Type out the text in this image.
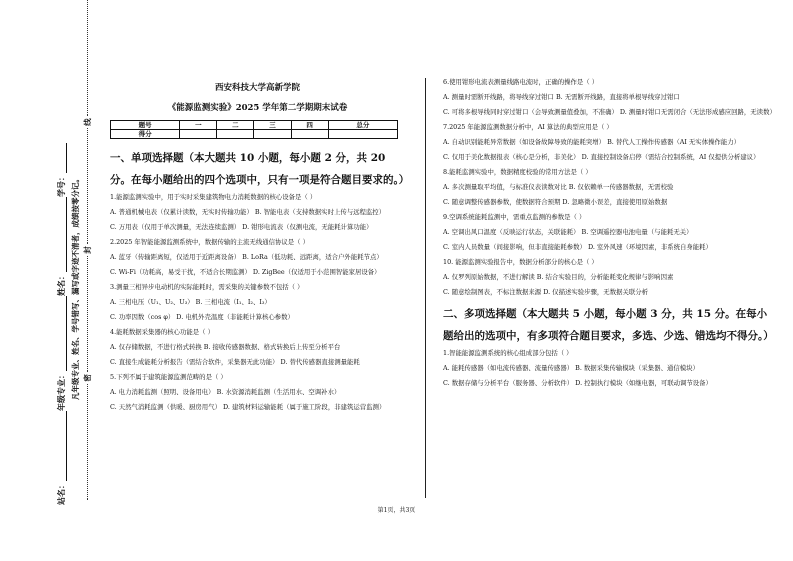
站名：
年级专业：
姓名：
学号： 凡年级专业、姓名、学号错写、漏写或字迹不清者，成绩按零分记。 密
封
线
西安科技大学高新学院
《能源监测实验》2025 学年第二学期期末试卷
题号	一	二	三	四	总分
得分					
一、单项选择题（本大题共 10 小题，每小题 2 分，共 20 分。在每小题给出的四个选项中，只有一项是符合题目要求的。）

1.能源监测实验中，用于实时采集建筑物电力消耗数据的核心设备是（ ）

A. 普通机械电表（仅累计读数，无实时传输功能） B. 智能电表（支持数据实时上传与远程监控）

C. 万用表（仅用于单次测量，无法连续监测） D. 钳形电流表（仅测电流，无能耗计算功能）

2.2025 年智能能源监测系统中，数据传输的主流无线通信协议是（ ）

A. 蓝牙（传输距离短，仅适用于近距离设备） B. LoRa（低功耗、远距离，适合户外能耗节点）

C. Wi-Fi（功耗高，易受干扰，不适合长期监测） D. ZigBee（仅适用于小范围智能家居设备）

3.测量三相异步电动机的实际能耗时，需采集的关键参数不包括（ ）

A. 三相电压（U₁、U₂、U₃） B. 三相电流（I₁、I₂、I₃）

C. 功率因数（cos φ） D. 电机外壳温度（非能耗计算核心参数）

4.能耗数据采集器的核心功能是（ ）

A. 仅存储数据，不进行格式转换 B. 接收传感器数据、格式转换后上传至分析平台

C. 直接生成能耗分析报告（需结合软件，采集器无此功能） D. 替代传感器直接测量能耗

5.下列不属于建筑能源监测范畴的是（ ）

A. 电力消耗监测（照明、设备用电） B. 水资源消耗监测（生活用水、空调补水）

C. 天然气消耗监测（供暖、厨房用气） D. 建筑材料运输能耗（属于施工阶段，非建筑运营监测）

6.使用钳形电流表测量线路电流时，正确的操作是（ ）

A. 测量时需断开线路，将导线穿过钳口 B. 无需断开线路，直接将单根导线穿过钳口

C. 可将多根导线同时穿过钳口（会导致测量值叠加，不准确） D. 测量时钳口无需闭合（无法形成感应回路，无读数）

7.2025 年能源监测数据分析中，AI 算法的典型应用是（ ）

A. 自动识别能耗异常数据（如设备故障导致的能耗突增） B. 替代人工操作传感器（AI 无实体操作能力）

C. 仅用于美化数据报表（核心是分析，非美化） D. 直接控制设备启停（需结合控制系统，AI 仅提供分析建议）

8.能耗监测实验中，数据精度校验的常用方法是（ ）

A. 多次测量取平均值，与标准仪表读数对比 B. 仅依赖单一传感器数据，无需校验

C. 随意调整传感器参数，使数据符合预期 D. 忽略微小误差，直接使用原始数据

9.空调系统能耗监测中，需重点监测的参数是（ ）

A. 空调出风口温度（反映运行状态，关联能耗） B. 空调遥控器电池电量（与能耗无关）

C. 室内人员数量（间接影响，但非直接能耗参数） D. 室外风速（环境因素，非系统自身能耗）

10. 能源监测实验报告中，数据分析部分的核心是（ ）

A. 仅罗列原始数据，不进行解读 B. 结合实验目的，分析能耗变化规律与影响因素

C. 随意绘制图表，不标注数据来源 D. 仅描述实验步骤，无数据关联分析

二、多项选择题（本大题共 5 小题，每小题 3 分，共 15 分。在每小题给出的选项中，有多项符合题目要求，多选、少选、错选均不得分。）

1.智能能源监测系统的核心组成部分包括（ ）

A. 能耗传感器（如电流传感器、流量传感器） B. 数据采集传输模块（采集器、通信模块）

C. 数据存储与分析平台（服务器、分析软件） D. 控制执行模块（如继电器，可联动调节设备）

第1页，共3页
